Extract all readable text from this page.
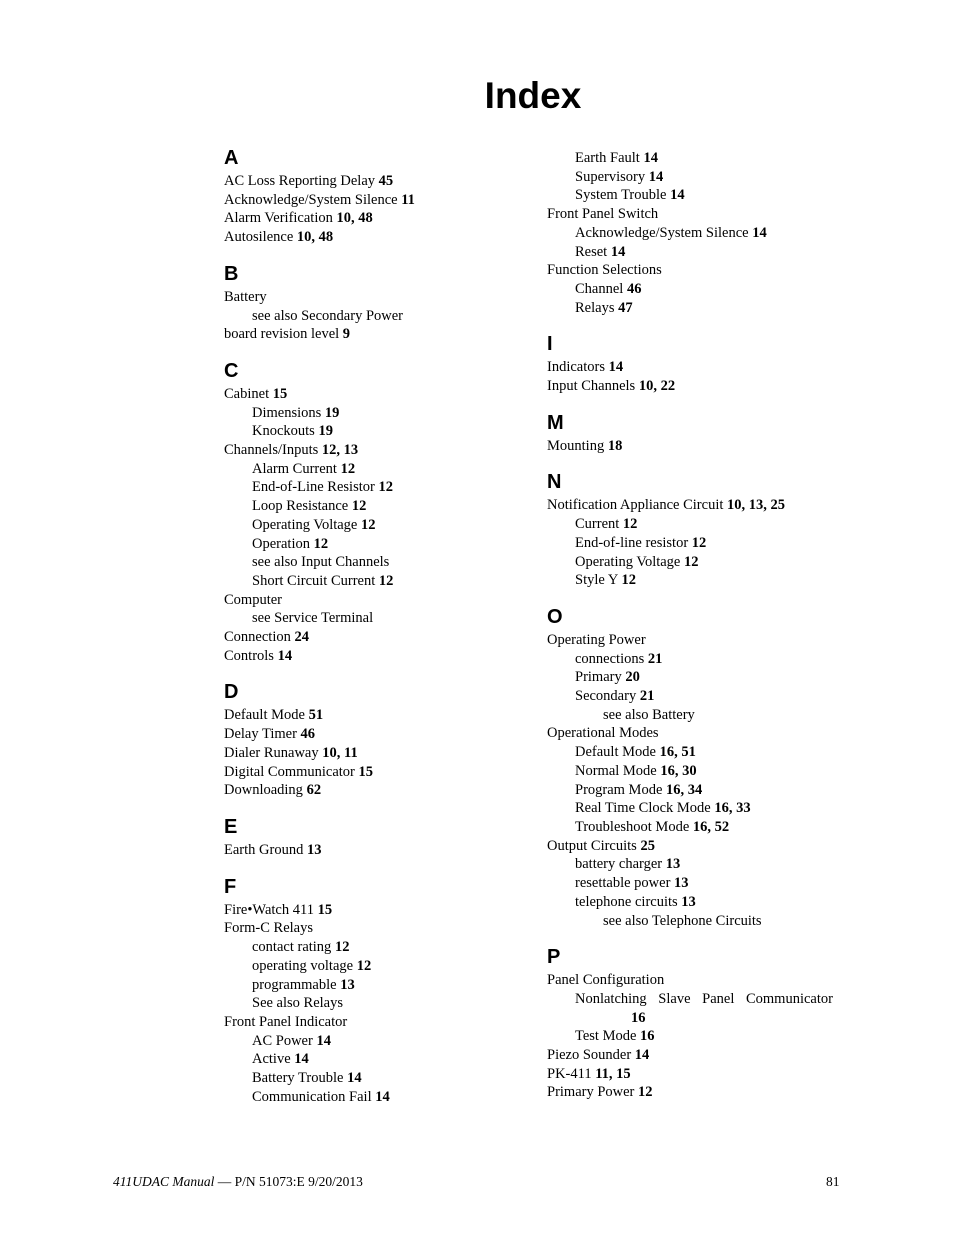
Index
A
AC Loss Reporting Delay 45
Acknowledge/System Silence 11
Alarm Verification 10, 48
Autosilence 10, 48
B
Battery
see also Secondary Power
board revision level 9
C
Cabinet 15
Dimensions 19
Knockouts 19
Channels/Inputs 12, 13
Alarm Current 12
End-of-Line Resistor 12
Loop Resistance 12
Operating Voltage 12
Operation 12
see also Input Channels
Short Circuit Current 12
Computer
see Service Terminal
Connection 24
Controls 14
D
Default Mode 51
Delay Timer 46
Dialer Runaway 10, 11
Digital Communicator 15
Downloading 62
E
Earth Ground 13
F
Fire•Watch 411 15
Form-C Relays
contact rating 12
operating voltage 12
programmable 13
See also Relays
Front Panel Indicator
AC Power 14
Active 14
Battery Trouble 14
Communication Fail 14
Earth Fault 14
Supervisory 14
System Trouble 14
Front Panel Switch
Acknowledge/System Silence 14
Reset 14
Function Selections
Channel 46
Relays 47
I
Indicators 14
Input Channels 10, 22
M
Mounting 18
N
Notification Appliance Circuit 10, 13, 25
Current 12
End-of-line resistor 12
Operating Voltage 12
Style Y 12
O
Operating Power
connections 21
Primary 20
Secondary 21
see also Battery
Operational Modes
Default Mode 16, 51
Normal Mode 16, 30
Program Mode 16, 34
Real Time Clock Mode 16, 33
Troubleshoot Mode 16, 52
Output Circuits 25
battery charger 13
resettable power 13
telephone circuits 13
see also Telephone Circuits
P
Panel Configuration
Nonlatching Slave Panel Communicator
16
Test Mode 16
Piezo Sounder 14
PK-411 11, 15
Primary Power 12
411UDAC Manual — P/N 51073:E 9/20/2013	81
